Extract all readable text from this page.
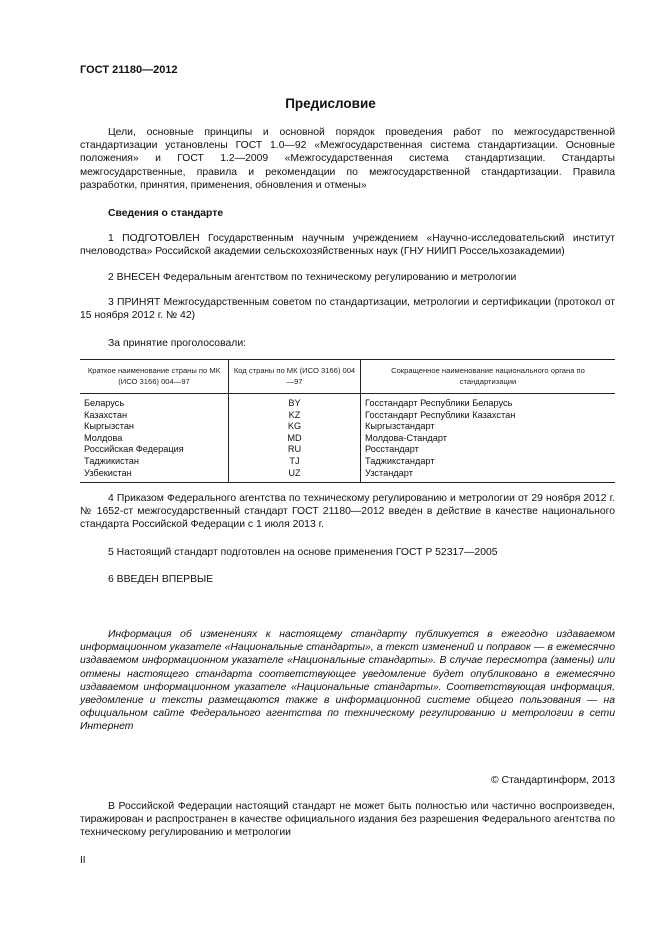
ГОСТ 21180—2012
Предисловие
Цели, основные принципы и основной порядок проведения работ по межгосударственной стандартизации установлены ГОСТ 1.0—92 «Межгосударственная система стандартизации. Основные положения» и ГОСТ 1.2—2009 «Межгосударственная система стандартизации. Стандарты межгосударственные, правила и рекомендации по межгосударственной стандартизации. Правила разработки, принятия, применения, обновления и отмены»
Сведения о стандарте
1 ПОДГОТОВЛЕН Государственным научным учреждением «Научно-исследовательский институт пчеловодства» Российской академии сельскохозяйственных наук (ГНУ НИИП Россельхозакадемии)
2 ВНЕСЕН Федеральным агентством по техническому регулированию и метрологии
3 ПРИНЯТ Межгосударственным советом по стандартизации, метрологии и сертификации (протокол от 15 ноября 2012 г. № 42)
За принятие проголосовали:
Краткое наименование страны по МК (ИСО 3166) 004—97	Код страны по МК (ИСО 3166) 004—97	Сокращенное наименование национального органа по стандартизации
Беларусь	BY	Госстандарт Республики Беларусь
Казахстан	KZ	Госстандарт Республики Казахстан
Кыргызстан	KG	Кыргызстандарт
Молдова	MD	Молдова-Стандарт
Российская Федерация	RU	Росстандарт
Таджикистан	TJ	Таджикстандарт
Узбекистан	UZ	Узстандарт
4 Приказом Федерального агентства по техническому регулированию и метрологии от 29 ноября 2012 г. № 1652-ст межгосударственный стандарт ГОСТ 21180—2012 введен в действие в качестве национального стандарта Российской Федерации с 1 июля 2013 г.
5 Настоящий стандарт подготовлен на основе применения ГОСТ Р 52317—2005
6 ВВЕДЕН ВПЕРВЫЕ
Информация об изменениях к настоящему стандарту публикуется в ежегодно издаваемом информационном указателе «Национальные стандарты», а текст изменений и поправок — в ежемесячно издаваемом информационном указателе «Национальные стандарты». В случае пересмотра (замены) или отмены настоящего стандарта соответствующее уведомление будет опубликовано в ежемесячно издаваемом информационном указателе «Национальные стандарты». Соответствующая информация, уведомление и тексты размещаются также в информационной системе общего пользования — на официальном сайте Федерального агентства по техническому регулированию и метрологии в сети Интернет
© Стандартинформ, 2013
В Российской Федерации настоящий стандарт не может быть полностью или частично воспроизведен, тиражирован и распространен в качестве официального издания без разрешения Федерального агентства по техническому регулированию и метрологии
II
